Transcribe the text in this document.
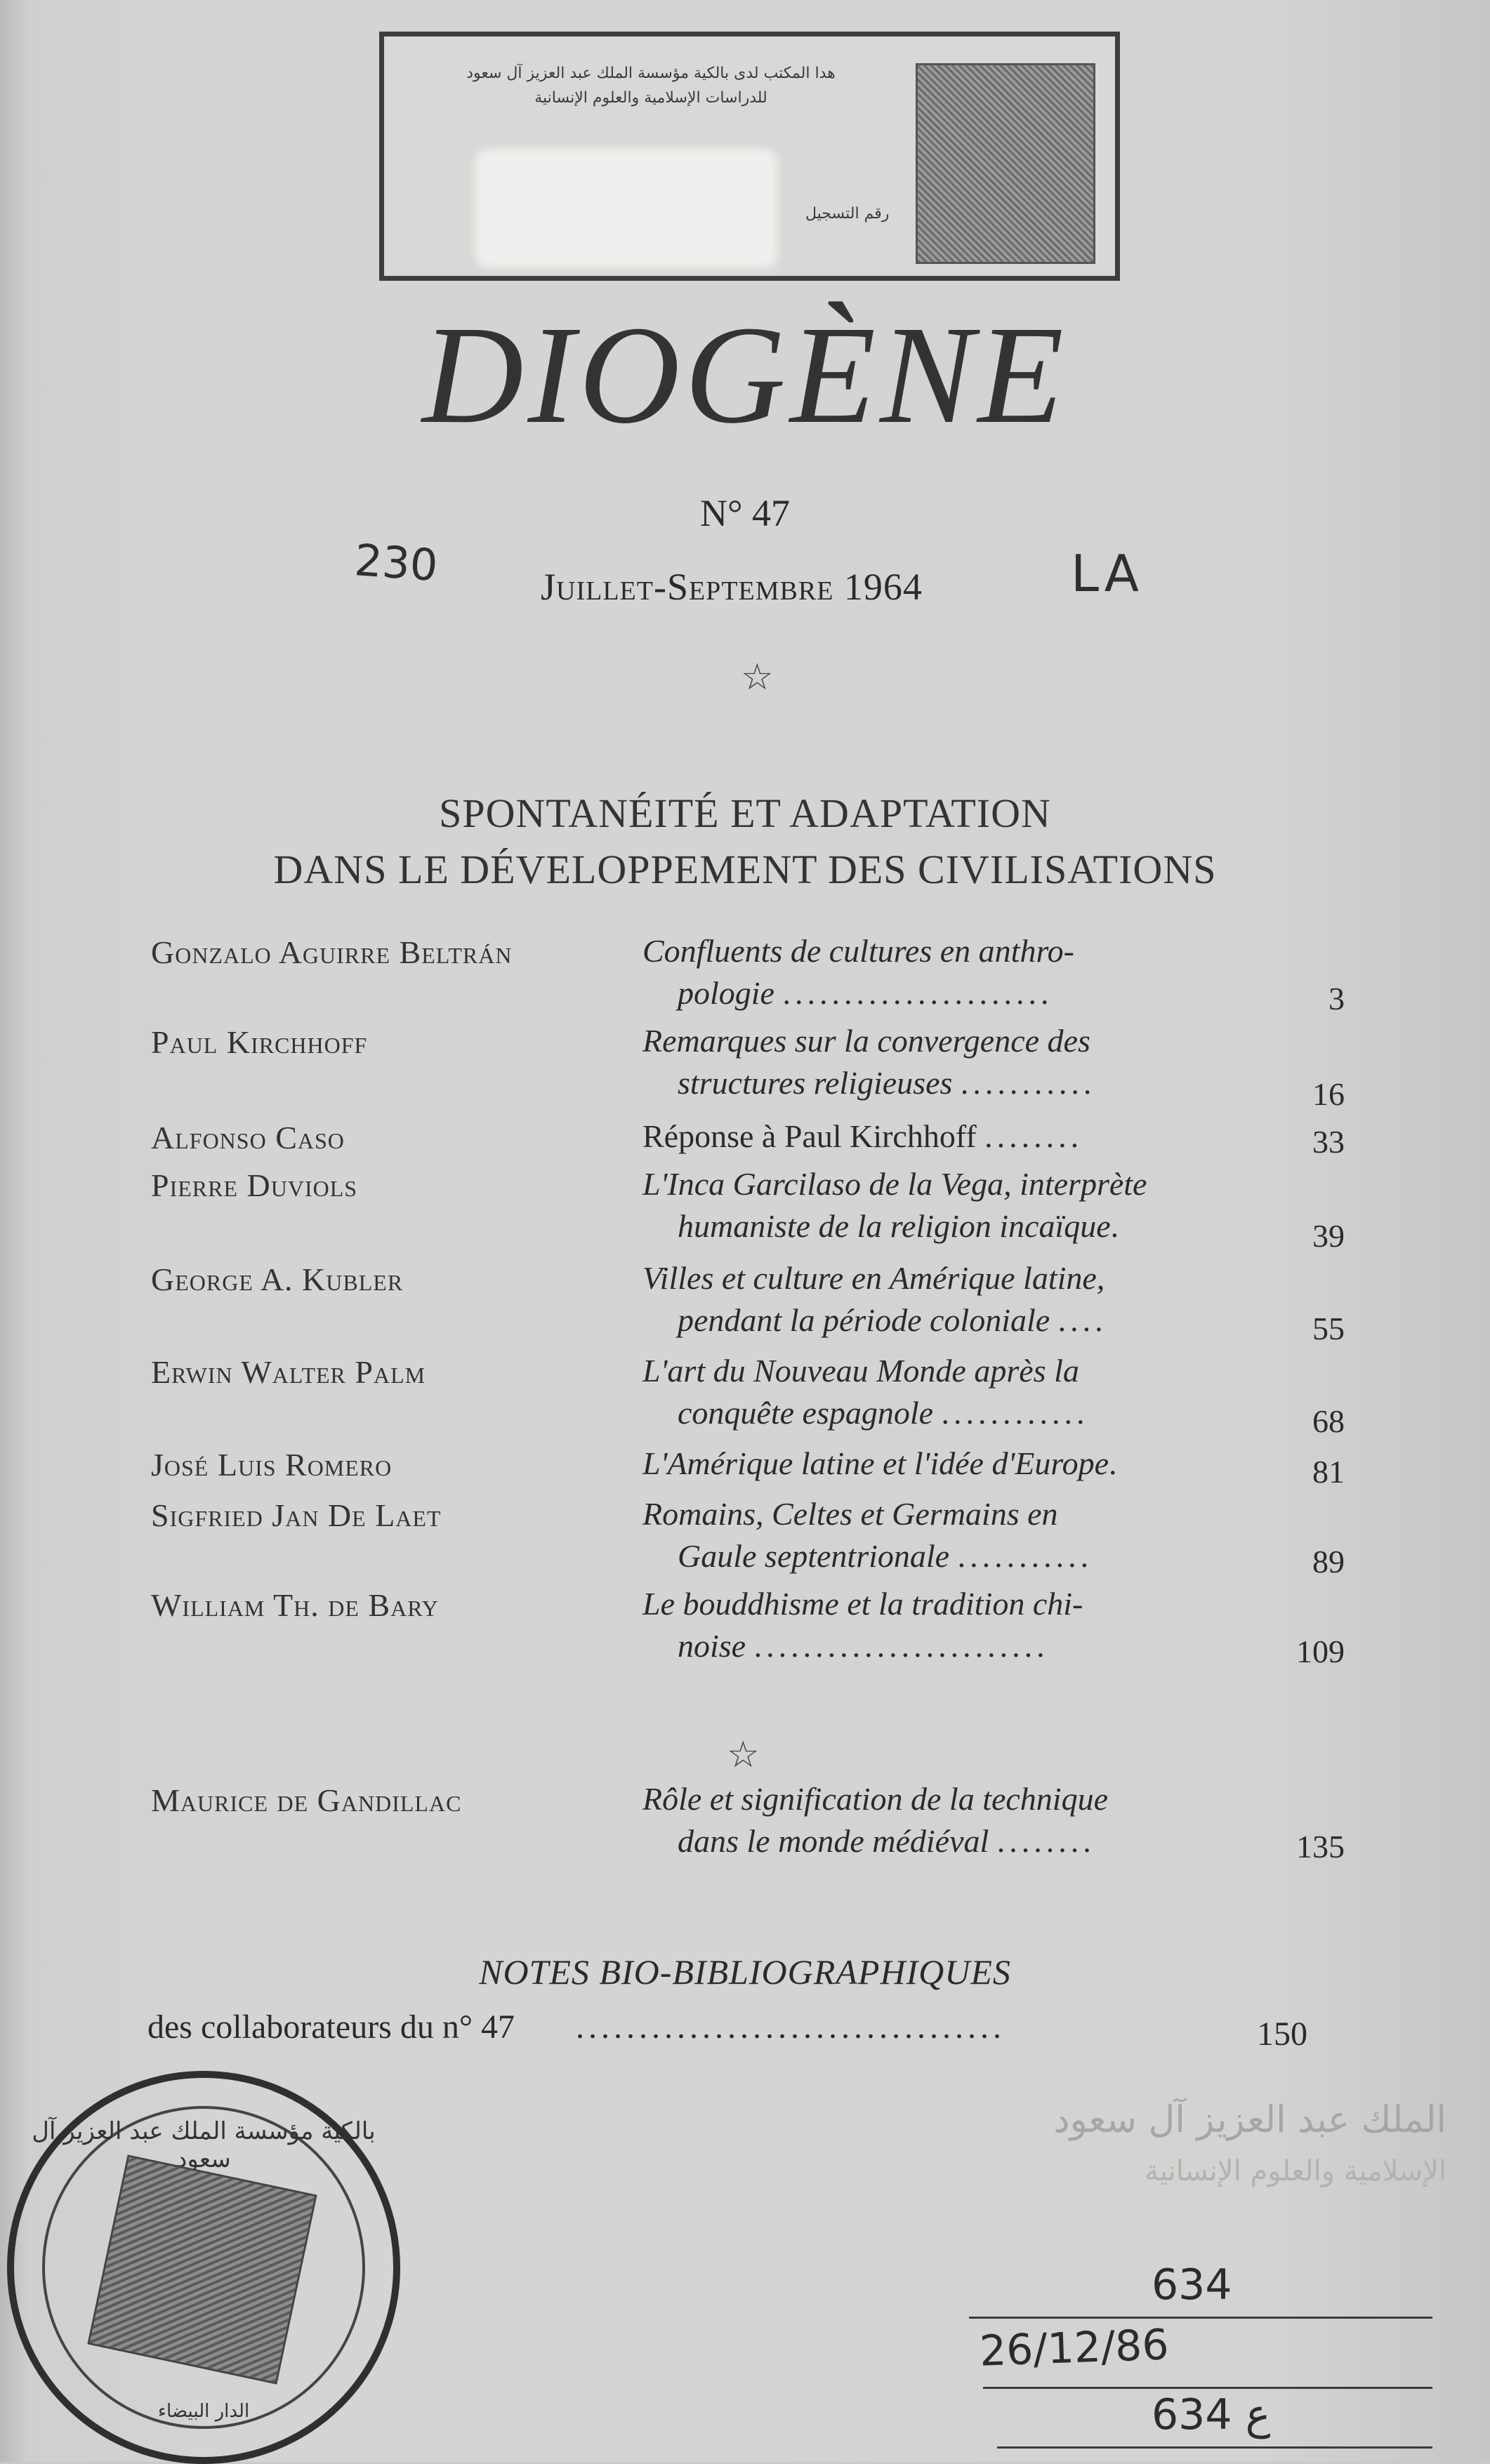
هدا المكتب لدى بالكية مؤسسة الملك عبد العزيز آل سعود
للدراسات الإسلامية والعلوم الإنسانية
رقم التسجيل
DIOGÈNE
N° 47
230	Juillet-Septembre 1964	LA
☆
SPONTANÉITÉ ET ADAPTATION
DANS LE DÉVELOPPEMENT DES CIVILISATIONS
Gonzalo Aguirre Beltrán	Confluents de cultures en anthro-
pologie ......................	3
Paul Kirchhoff	Remarques sur la convergence des
structures religieuses ...........	16
Alfonso Caso	Réponse à Paul Kirchhoff ........	33
Pierre Duviols	L'Inca Garcilaso de la Vega, interprète
humaniste de la religion incaïque.	39
George A. Kubler	Villes et culture en Amérique latine,
pendant la période coloniale ....	55
Erwin Walter Palm	L'art du Nouveau Monde après la
conquête espagnole ............	68
José Luis Romero	L'Amérique latine et l'idée d'Europe.	81
Sigfried Jan De Laet	Romains, Celtes et Germains en
Gaule septentrionale ...........	89
William Th. de Bary	Le bouddhisme et la tradition chi-
noise ........................	109
Maurice de Gandillac	Rôle et signification de la technique
dans le monde médiéval ........	135
☆
NOTES BIO-BIBLIOGRAPHIQUES
des collaborateurs du n° 47 ..................................	150
بالكية مؤسسة الملك عبد العزيز آل سعود
الدار البيضاء
الملك عبد العزيز آل سعود
الإسلامية والعلوم الإنسانية
634
26/12/86
634 ع
